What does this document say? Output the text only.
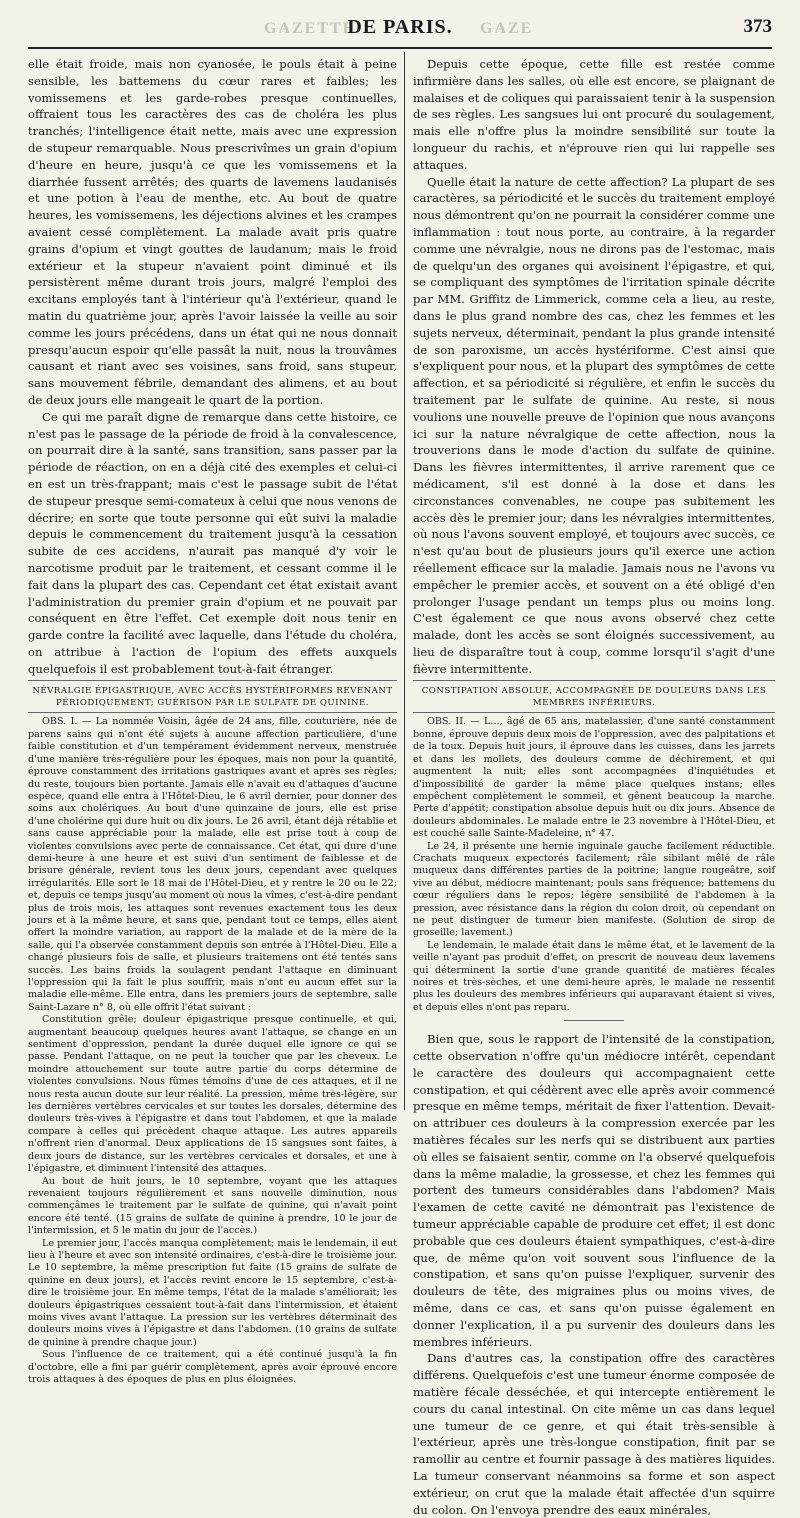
GAZETTE
DE PARIS.	GAZE	373

elle était froide, mais non cyanosée, le pouls était à peine sensible, les battemens du cœur rares et faibles; les vomissemens et les garde-robes presque continuelles, offraient tous les caractères des cas de choléra les plus tranchés; l'intelligence était nette, mais avec une expression de stupeur remarquable. Nous prescrivîmes un grain d'opium d'heure en heure, jusqu'à ce que les vomissemens et la diarrhée fussent arrêtés; des quarts de lavemens laudanisés et une potion à l'eau de menthe, etc. Au bout de quatre heures, les vomissemens, les déjections alvines et les crampes avaient cessé complètement. La malade avait pris quatre grains d'opium et vingt gouttes de laudanum; mais le froid extérieur et la stupeur n'avaient point diminué et ils persistèrent même durant trois jours, malgré l'emploi des excitans employés tant à l'intérieur qu'à l'extérieur, quand le matin du quatrième jour, après l'avoir laissée la veille au soir comme les jours précédens, dans un état qui ne nous donnait presqu'aucun espoir qu'elle passât la nuit, nous la trouvâmes causant et riant avec ses voisines, sans froid, sans stupeur, sans mouvement fébrile, demandant des alimens, et au bout de deux jours elle mangeait le quart de la portion.

Ce qui me paraît digne de remarque dans cette histoire, ce n'est pas le passage de la période de froid à la convalescence, on pourrait dire à la santé, sans transition, sans passer par la période de réaction, on en a déjà cité des exemples et celui-ci en est un très-frappant; mais c'est le passage subit de l'état de stupeur presque semi-comateux à celui que nous venons de décrire; en sorte que toute personne qui eût suivi la maladie depuis le commencement du traitement jusqu'à la cessation subite de ces accidens, n'aurait pas manqué d'y voir le narcotisme produit par le traitement, et cessant comme il le fait dans la plupart des cas. Cependant cet état existait avant l'administration du premier grain d'opium et ne pouvait par conséquent en être l'effet. Cet exemple doit nous tenir en garde contre la facilité avec laquelle, dans l'étude du choléra, on attribue à l'action de l'opium des effets auxquels quelquefois il est probablement tout-à-fait étranger.

NÉVRALGIE ÉPIGASTRIQUE, AVEC ACCÈS HYSTÉRIFORMES REVENANT PÉRIODIQUEMENT; GUÉRISON PAR LE SULFATE DE QUININE.

OBS. I. — La nommée Voisin, âgée de 24 ans, fille, couturière, née de parens sains qui n'ont été sujets à aucune affection particulière, d'une faible constitution et d'un tempérament évidemment nerveux, menstruée d'une manière très-régulière pour les époques, mais non pour la quantité, éprouve constamment des irritations gastriques avant et après ses règles; du reste, toujours bien portante. Jamais elle n'avait eu d'attaques d'aucune espèce, quand elle entra à l'Hôtel-Dieu, le 6 avril dernier, pour donner des soins aux cholériques. Au bout d'une quinzaine de jours, elle est prise d'une cholérine qui dure huit ou dix jours. Le 26 avril, étant déjà rétablie et sans cause appréciable pour la malade, elle est prise tout à coup de violentes convulsions avec perte de connaissance. Cet état, qui dure d'une demi-heure à une heure et est suivi d'un sentiment de faiblesse et de brisure générale, revient tous les deux jours, cependant avec quelques irrégularités. Elle sort le 18 mai de l'Hôtel-Dieu, et y rentre le 20 ou le 22; et, depuis ce temps jusqu'au moment où nous la vîmes, c'est-à-dire pendant plus de trois mois, les attaques sont revenues exactement tous les deux jours et à la même heure, et sans que, pendant tout ce temps, elles aient offert la moindre variation, au rapport de la malade et de la mère de la salle, qui l'a observée constamment depuis son entrée à l'Hôtel-Dieu. Elle a changé plusieurs fois de salle, et plusieurs traitemens ont été tentés sans succès. Les bains froids la soulagent pendant l'attaque en diminuant l'oppression qui la fait le plus souffrir, mais n'ont eu aucun effet sur la maladie elle-même. Elle entra, dans les premiers jours de septembre, salle Saint-Lazare n° 8, où elle offrit l'état suivant :

Constitution grêle; douleur épigastrique presque continuelle, et qui, augmentant beaucoup quelques heures avant l'attaque, se change en un sentiment d'oppression, pendant la durée duquel elle ignore ce qui se passe. Pendant l'attaque, on ne peut la toucher que par les cheveux. Le moindre attouchement sur toute autre partie du corps détermine de violentes convulsions. Nous fûmes témoins d'une de ces attaques, et il ne nous resta aucun doute sur leur réalité. La pression, même très-légère, sur les dernières vertèbres cervicales et sur toutes les dorsales, détermine des douleurs très-vives à l'épigastre et dans tout l'abdomen, et que la malade compare à celles qui précèdent chaque attaque. Les autres appareils n'offrent rien d'anormal. Deux applications de 15 sangsues sont faites, à deux jours de distance, sur les vertèbres cervicales et dorsales, et une à l'épigastre, et diminuent l'intensité des attaques.

Au bout de huit jours, le 10 septembre, voyant que les attaques revenaient toujours régulièrement et sans nouvelle diminution, nous commençâmes le traitement par le sulfate de quinine, qui n'avait point encore été tenté. (15 grains de sulfate de quinine à prendre, 10 le jour de l'intermission, et 5 le matin du jour de l'accès.)

Le premier jour, l'accès manqua complètement; mais le lendemain, il eut lieu à l'heure et avec son intensité ordinaires, c'est-à-dire le troisième jour. Le 10 septembre, la même prescription fut faite (15 grains de sulfate de quinine en deux jours), et l'accès revint encore le 15 septembre, c'est-à-dire le troisième jour. En même temps, l'état de la malade s'améliorait; les douleurs épigastriques cessaient tout-à-fait dans l'intermission, et étaient moins vives avant l'attaque. La pression sur les vertèbres déterminait des douleurs moins vives à l'épigastre et dans l'abdomen. (10 grains de sulfate de quinine à prendre chaque jour.)

Sous l'influence de ce traitement, qui a été continué jusqu'à la fin d'octobre, elle a fini par guérir complètement, après avoir éprouvé encore trois attaques à des époques de plus en plus éloignées.

Depuis cette époque, cette fille est restée comme infirmière dans les salles, où elle est encore, se plaignant de malaises et de coliques qui paraissaient tenir à la suspension de ses règles. Les sangsues lui ont procuré du soulagement, mais elle n'offre plus la moindre sensibilité sur toute la longueur du rachis, et n'éprouve rien qui lui rappelle ses attaques.

Quelle était la nature de cette affection? La plupart de ses caractères, sa périodicité et le succès du traitement employé nous démontrent qu'on ne pourrait la considérer comme une inflammation : tout nous porte, au contraire, à la regarder comme une névralgie, nous ne dirons pas de l'estomac, mais de quelqu'un des organes qui avoisinent l'épigastre, et qui, se compliquant des symptômes de l'irritation spinale décrite par MM. Griffitz de Limmerick, comme cela a lieu, au reste, dans le plus grand nombre des cas, chez les femmes et les sujets nerveux, déterminait, pendant la plus grande intensité de son paroxisme, un accès hystériforme. C'est ainsi que s'expliquent pour nous, et la plupart des symptômes de cette affection, et sa périodicité si régulière, et enfin le succès du traitement par le sulfate de quinine. Au reste, si nous voulions une nouvelle preuve de l'opinion que nous avançons ici sur la nature névralgique de cette affection, nous la trouverions dans le mode d'action du sulfate de quinine. Dans les fièvres intermittentes, il arrive rarement que ce médicament, s'il est donné à la dose et dans les circonstances convenables, ne coupe pas subitement les accès dès le premier jour; dans les névralgies intermittentes, où nous l'avons souvent employé, et toujours avec succès, ce n'est qu'au bout de plusieurs jours qu'il exerce une action réellement efficace sur la maladie. Jamais nous ne l'avons vu empêcher le premier accès, et souvent on a été obligé d'en prolonger l'usage pendant un temps plus ou moins long. C'est également ce que nous avons observé chez cette malade, dont les accès se sont éloignés successivement, au lieu de disparaître tout à coup, comme lorsqu'il s'agit d'une fièvre intermittente.

CONSTIPATION ABSOLUE, ACCOMPAGNÉE DE DOULEURS DANS LES MEMBRES INFÉRIEURS.

OBS. II. — L..., âgé de 65 ans, matelassier, d'une santé constamment bonne, éprouve depuis deux mois de l'oppression, avec des palpitations et de la toux. Depuis huit jours, il éprouve dans les cuisses, dans les jarrets et dans les mollets, des douleurs comme de déchirement, et qui augmentent la nuit; elles sont accompagnées d'inquiétudes et d'impossibilité de garder la même place quelques instans; elles empêchent complètement le sommeil, et gênent beaucoup la marche. Perte d'appétit; constipation absolue depuis huit ou dix jours. Absence de douleurs abdominales. Le malade entre le 23 novembre à l'Hôtel-Dieu, et est couché salle Sainte-Madeleine, n° 47.

Le 24, il présente une hernie inguinale gauche facilement réductible. Crachats muqueux expectorés facilement; râle sibilant mêlé de râle muqueux dans différentes parties de la poitrine; langue rougeâtre, soif vive au début, médiocre maintenant; pouls sans fréquence; battemens du cœur réguliers dans le repos; légère sensibilité de l'abdomen à la pression, avec résistance dans la région du colon droit, où cependant on ne peut distinguer de tumeur bien manifeste. (Solution de sirop de groseille; lavement.)

Le lendemain, le malade était dans le même état, et le lavement de la veille n'ayant pas produit d'effet, on prescrit de nouveau deux lavemens qui déterminent la sortie d'une grande quantité de matières fécales noires et très-sèches, et une demi-heure après, le malade ne ressentit plus les douleurs des membres inférieurs qui auparavant étaient si vives, et depuis elles n'ont pas reparu.

Bien que, sous le rapport de l'intensité de la constipation, cette observation n'offre qu'un médiocre intérêt, cependant le caractère des douleurs qui accompagnaient cette constipation, et qui cédèrent avec elle après avoir commencé presque en même temps, méritait de fixer l'attention. Devait-on attribuer ces douleurs à la compression exercée par les matières fécales sur les nerfs qui se distribuent aux parties où elles se faisaient sentir, comme on l'a observé quelquefois dans la même maladie, la grossesse, et chez les femmes qui portent des tumeurs considérables dans l'abdomen? Mais l'examen de cette cavité ne démontrait pas l'existence de tumeur appréciable capable de produire cet effet; il est donc probable que ces douleurs étaient sympathiques, c'est-à-dire que, de même qu'on voit souvent sous l'influence de la constipation, et sans qu'on puisse l'expliquer, survenir des douleurs de tête, des migraines plus ou moins vives, de même, dans ce cas, et sans qu'on puisse également en donner l'explication, il a pu survenir des douleurs dans les membres inférieurs.

Dans d'autres cas, la constipation offre des caractères différens. Quelquefois c'est une tumeur énorme composée de matière fécale desséchée, et qui intercepte entièrement le cours du canal intestinal. On cite même un cas dans lequel une tumeur de ce genre, et qui était très-sensible à l'extérieur, après une très-longue constipation, finit par se ramollir au centre et fournir passage à des matières liquides. La tumeur conservant néanmoins sa forme et son aspect extérieur, on crut que la malade était affectée d'un squirre du colon. On l'envoya prendre des eaux minérales,
